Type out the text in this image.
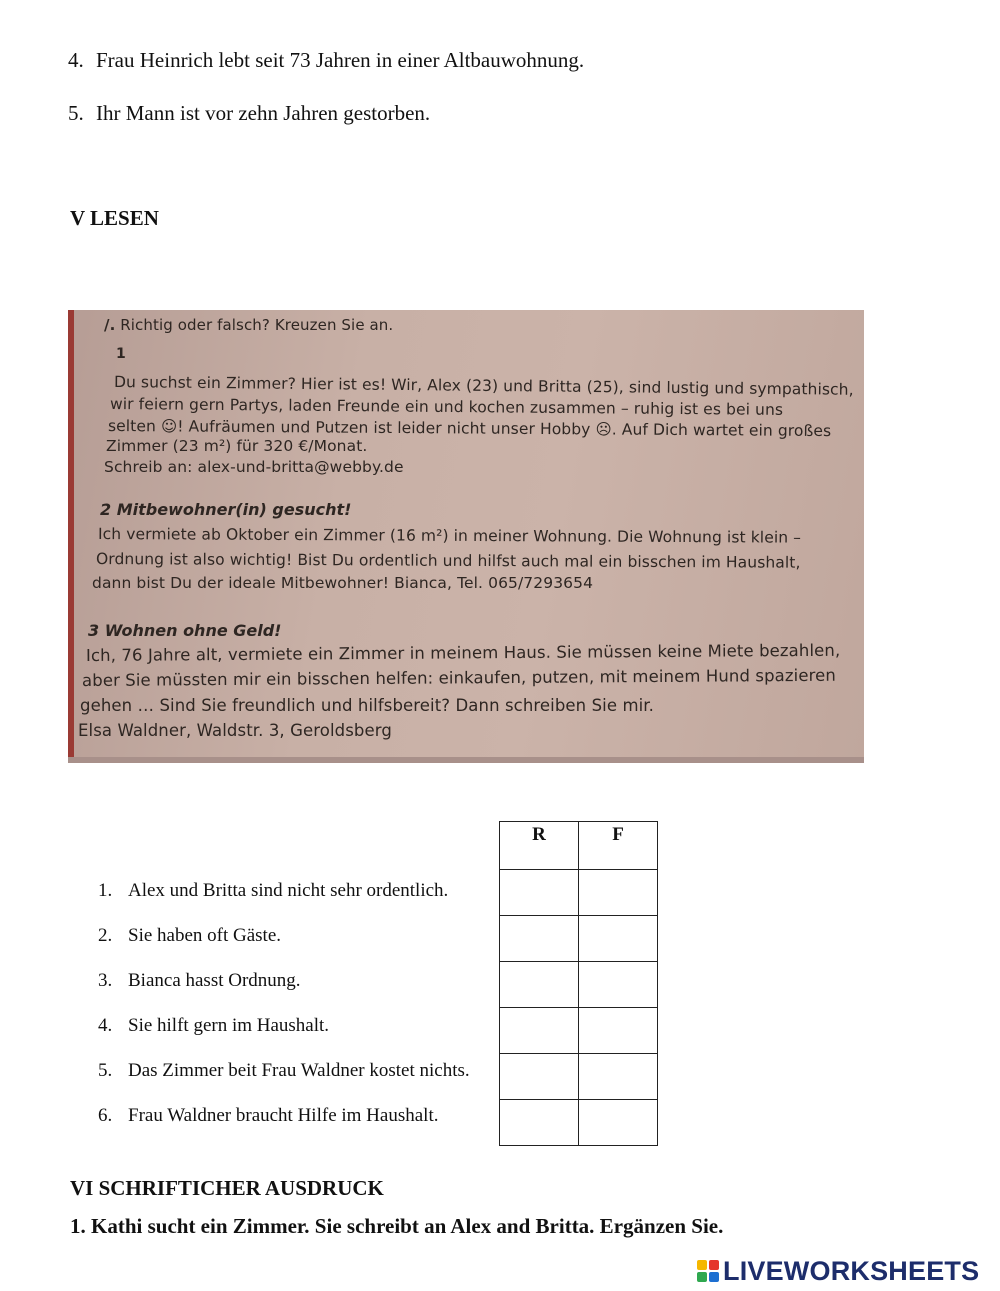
4. Frau Heinrich lebt seit 73 Jahren in einer Altbauwohnung.
5. Ihr Mann ist vor zehn Jahren gestorben.
V LESEN
/. Richtig oder falsch? Kreuzen Sie an.
1
Du suchst ein Zimmer? Hier ist es! Wir, Alex (23) und Britta (25), sind lustig und sympathisch,
wir feiern gern Partys, laden Freunde ein und kochen zusammen – ruhig ist es bei uns
selten ☺! Aufräumen und Putzen ist leider nicht unser Hobby ☹. Auf Dich wartet ein großes
Zimmer (23 m²) für 320 €/Monat.
Schreib an: alex-und-britta@webby.de
2 Mitbewohner(in) gesucht!
Ich vermiete ab Oktober ein Zimmer (16 m²) in meiner Wohnung. Die Wohnung ist klein –
Ordnung ist also wichtig! Bist Du ordentlich und hilfst auch mal ein bisschen im Haushalt,
dann bist Du der ideale Mitbewohner! Bianca, Tel. 065/7293654
3 Wohnen ohne Geld!
Ich, 76 Jahre alt, vermiete ein Zimmer in meinem Haus. Sie müssen keine Miete bezahlen,
aber Sie müssten mir ein bisschen helfen: einkaufen, putzen, mit meinem Hund spazieren
gehen … Sind Sie freundlich und hilfsbereit? Dann schreiben Sie mir.
Elsa Waldner, Waldstr. 3, Geroldsberg
1. Alex und Britta sind nicht sehr ordentlich.
2. Sie haben oft Gäste.
3. Bianca hasst Ordnung.
4. Sie hilft gern im Haushalt.
5. Das Zimmer beit Frau Waldner kostet nichts.
6. Frau Waldner braucht Hilfe im Haushalt.
R	F

VI SCHRIFTICHER AUSDRUCK
1. Kathi sucht ein Zimmer. Sie schreibt an Alex and Britta. Ergänzen Sie.
LIVEWORKSHEETS
